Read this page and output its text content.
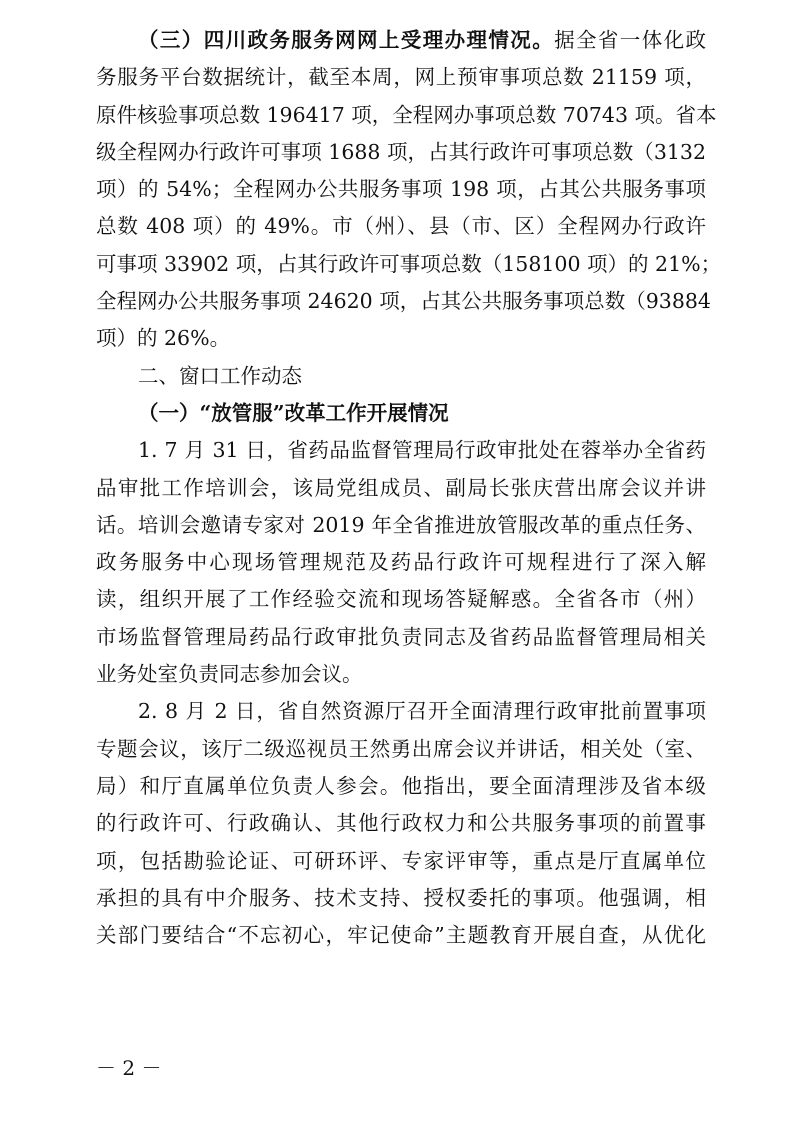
（三）四川政务服务网网上受理办理情况。据全省一体化政
务服务平台数据统计，截至本周，网上预审事项总数 21159 项，
原件核验事项总数 196417 项，全程网办事项总数 70743 项。省本
级全程网办行政许可事项 1688 项，占其行政许可事项总数（3132
项）的 54%；全程网办公共服务事项 198 项，占其公共服务事项
总数 408 项）的 49%。市（州）、县（市、区）全程网办行政许
可事项 33902 项，占其行政许可事项总数（158100 项）的 21%；
全程网办公共服务事项 24620 项，占其公共服务事项总数（93884
项）的 26%。
二、窗口工作动态
（一）“放管服”改革工作开展情况
1. 7 月 31 日，省药品监督管理局行政审批处在蓉举办全省药
品审批工作培训会，该局党组成员、副局长张庆营出席会议并讲
话。培训会邀请专家对 2019 年全省推进放管服改革的重点任务、
政务服务中心现场管理规范及药品行政许可规程进行了深入解
读，组织开展了工作经验交流和现场答疑解惑。全省各市（州）
市场监督管理局药品行政审批负责同志及省药品监督管理局相关
业务处室负责同志参加会议。
2. 8 月 2 日，省自然资源厅召开全面清理行政审批前置事项
专题会议，该厅二级巡视员王然勇出席会议并讲话，相关处（室、
局）和厅直属单位负责人参会。他指出，要全面清理涉及省本级
的行政许可、行政确认、其他行政权力和公共服务事项的前置事
项，包括勘验论证、可研环评、专家评审等，重点是厅直属单位
承担的具有中介服务、技术支持、授权委托的事项。他强调，相
关部门要结合“不忘初心，牢记使命”主题教育开展自查，从优化
－ 2 －
